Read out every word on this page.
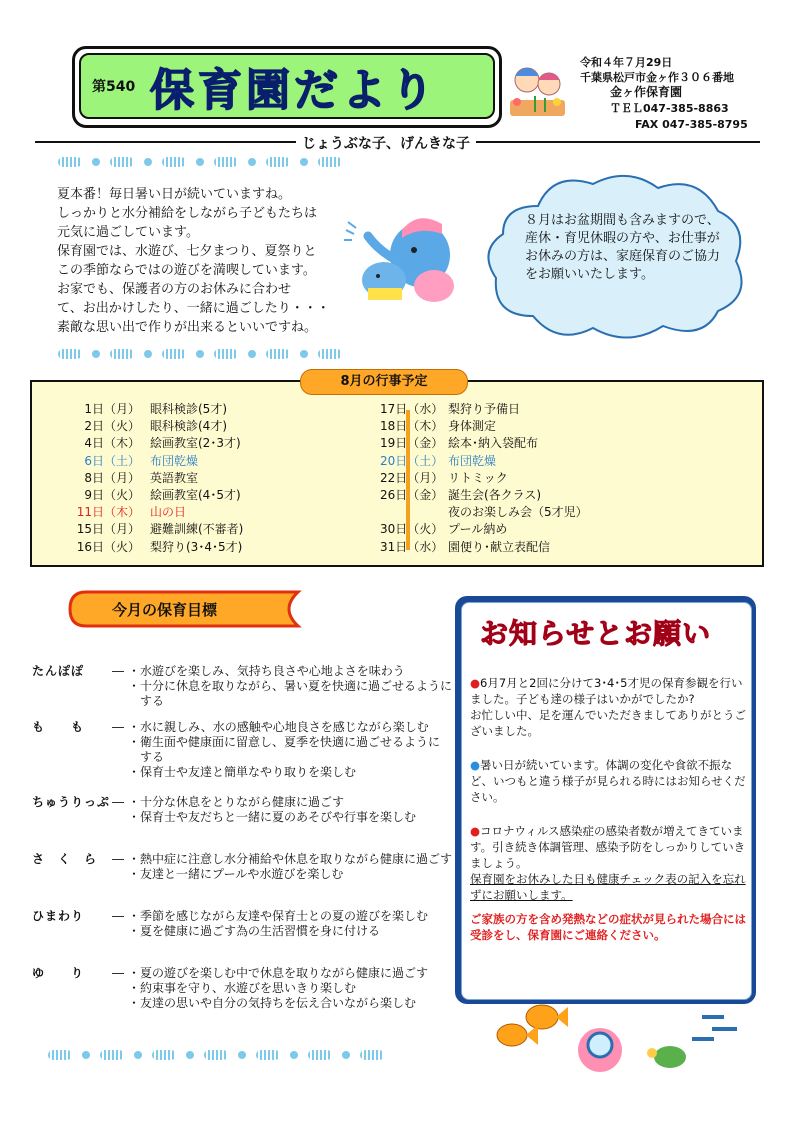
第540 保育園だより
令和４年７月29日
千葉県松戸市金ヶ作３０６番地
金ヶ作保育園
ＴＥＬ047-385-8863
FAX 047-385-8795
じょうぶな子、げんきな子

夏本番！毎日暑い日が続いていますね。

しっかりと水分補給をしながら子どもたちは

元気に過ごしています。

保育園では、水遊び、七夕まつり、夏祭りと

この季節ならではの遊びを満喫しています。

お家でも、保護者の方のお休みに合わせ

て、お出かけしたり、一緒に過ごしたり・・・

素敵な思い出で作りが出来るといいですね。

８月はお盆期間も含みますので、
産休・育児休暇の方や、お仕事が
お休みの方は、家庭保育のご協力
をお願いいたします。
8月の行事予定
1日（月） 眼科検診(5才)
2日（火） 眼科検診(4才)
4日（木） 絵画教室(2･3才)
6日（土） 布団乾燥
8日（月） 英語教室
9日（火） 絵画教室(4･5才)
11日（木） 山の日
15日（月） 避難訓練(不審者)
16日（火） 梨狩り(3･4･5才)
17日（水） 梨狩り予備日
18日（木） 身体測定
19日（金） 絵本･納入袋配布
20日（土） 布団乾燥
22日（月） リトミック
26日（金） 誕生会(各クラス)
夜のお楽しみ会（5才児）
30日（火） プール納め
31日（水） 園便り･献立表配信
今月の保育目標
たんぽぽ	― ・水遊びを楽しみ、気持ち良さや心地よさを味わう
・十分に休息を取りながら、暑い夏を快適に過ごせるように
　する
も　　も	― ・水に親しみ、水の感触や心地良さを感じながら楽しむ
・衛生面や健康面に留意し、夏季を快適に過ごせるように
　する
・保育士や友達と簡単なやり取りを楽しむ
ちゅうりっぷ ― ・十分な休息をとりながら健康に過ごす
・保育士や友だちと一緒に夏のあそびや行事を楽しむ
さ　く　ら	― ・熱中症に注意し水分補給や休息を取りながら健康に過ごす
・友達と一緒にプールや水遊びを楽しむ
ひまわり	― ・季節を感じながら友達や保育士との夏の遊びを楽しむ
・夏を健康に過ごす為の生活習慣を身に付ける
ゆ　　り	― ・夏の遊びを楽しむ中で休息を取りながら健康に過ごす
・約束事を守り、水遊びを思いきり楽しむ
・友達の思いや自分の気持ちを伝え合いながら楽しむ
お知らせとお願い

●6月7月と2回に分けて3･4･5才児の保育参観を行いました。子ども達の様子はいかがでしたか?
お忙しい中、足を運んでいただきましてありがとうございました。

●暑い日が続いています。体調の変化や食欲不振など、いつもと違う様子が見られる時にはお知らせください。

●コロナウィルス感染症の感染者数が増えてきています。引き続き体調管理、感染予防をしっかりしていきましょう。
保育園をお休みした日も健康チェック表の記入を忘れずにお願いします。

ご家族の方を含め発熱などの症状が見られた場合には受診をし、保育園にご連絡ください。
